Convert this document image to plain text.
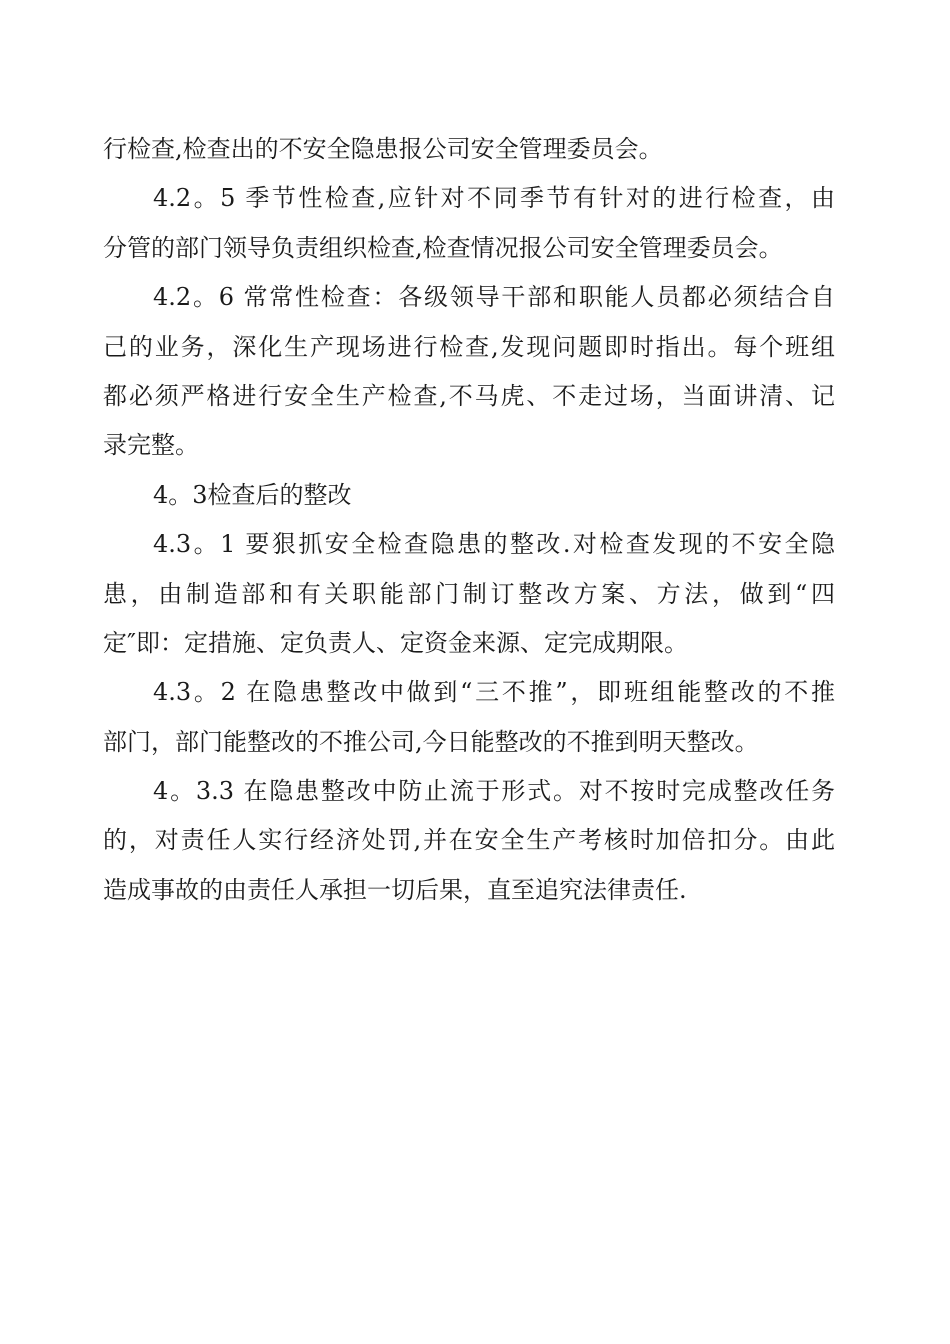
行检查,检查出的不安全隐患报公司安全管理委员会。
4.2。5 季节性检查,应针对不同季节有针对的进行检查，由
分管的部门领导负责组织检查,检查情况报公司安全管理委员会。
4.2。6 常常性检查：各级领导干部和职能人员都必须结合自
己的业务，深化生产现场进行检查,发现问题即时指出。每个班组
都必须严格进行安全生产检查,不马虎、不走过场，当面讲清、记
录完整。
4。3检查后的整改
4.3。1 要狠抓安全检查隐患的整改.对检查发现的不安全隐
患，由制造部和有关职能部门制订整改方案、方法，做到“四
定″即：定措施、定负责人、定资金来源、定完成期限。
4.3。2 在隐患整改中做到“三不推”，即班组能整改的不推
部门，部门能整改的不推公司,今日能整改的不推到明天整改。
4。3.3 在隐患整改中防止流于形式。对不按时完成整改任务
的，对责任人实行经济处罚,并在安全生产考核时加倍扣分。由此
造成事故的由责任人承担一切后果，直至追究法律责任.
